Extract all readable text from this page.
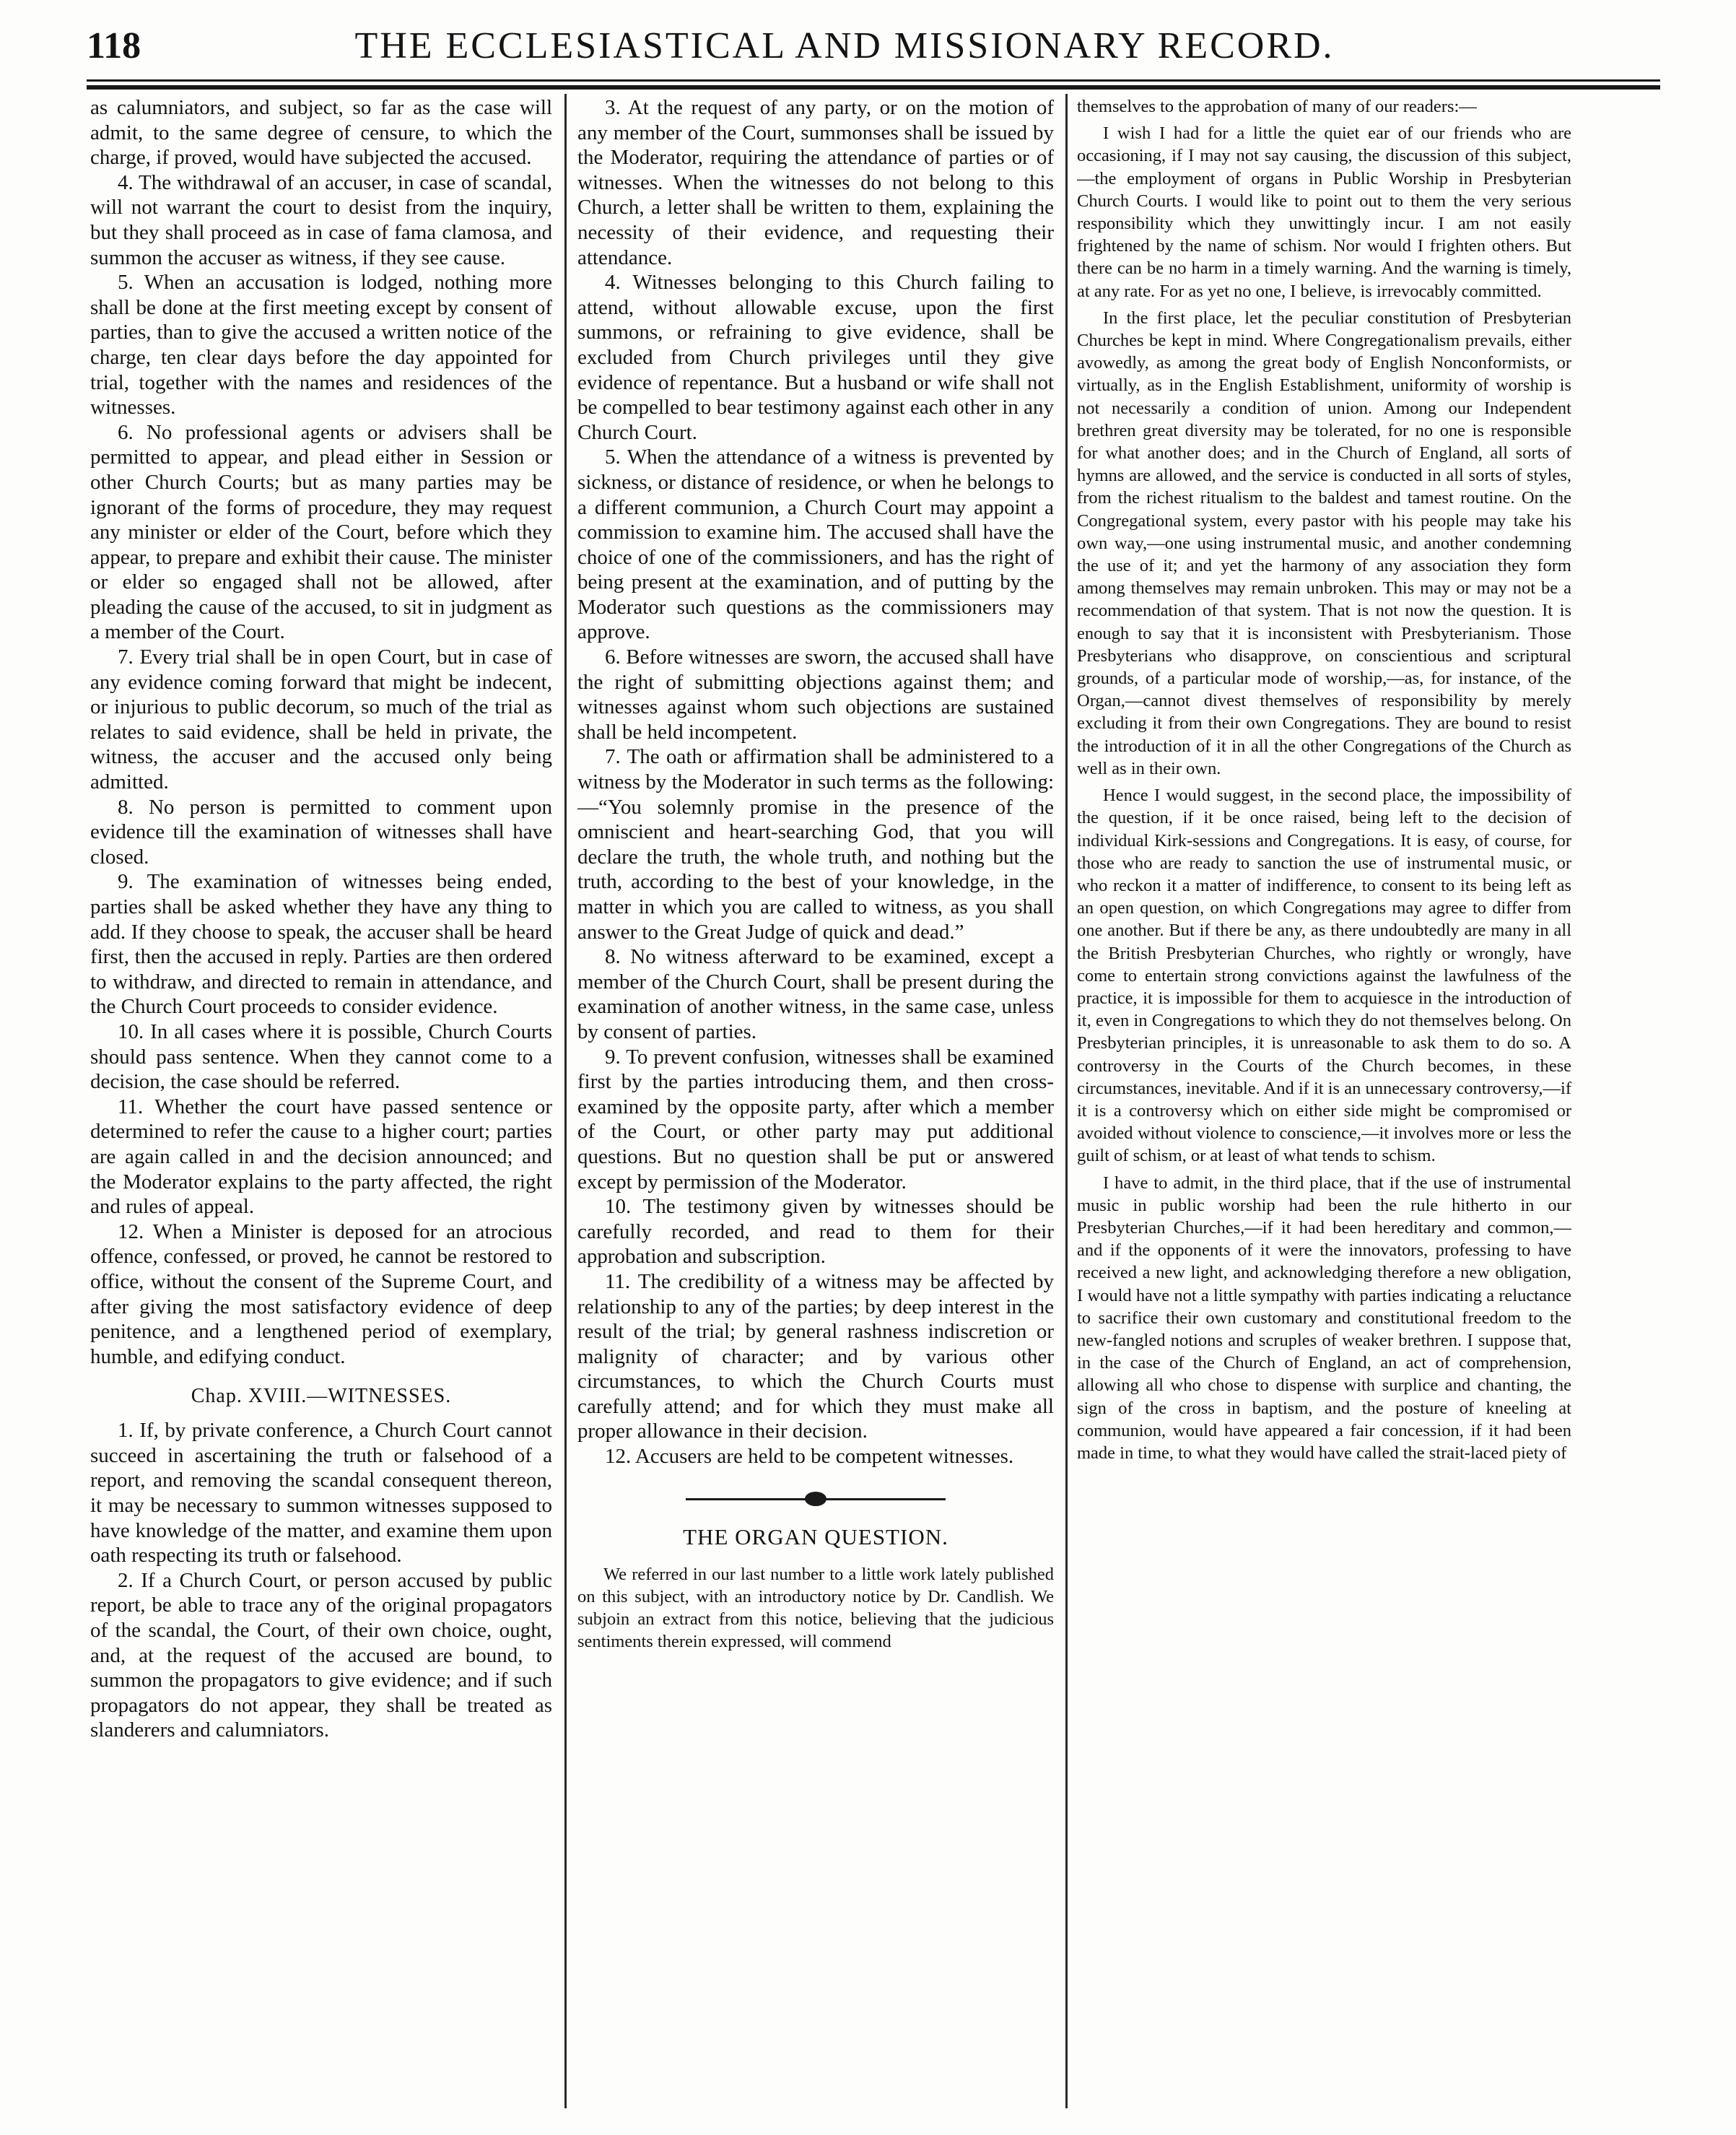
118	THE ECCLESIASTICAL AND MISSIONARY RECORD.

as calumniators, and subject, so far as the case will admit, to the same degree of censure, to which the charge, if proved, would have subjected the accused.

4. The withdrawal of an accuser, in case of scandal, will not warrant the court to desist from the inquiry, but they shall proceed as in case of fama clamosa, and summon the accuser as witness, if they see cause.

5. When an accusation is lodged, nothing more shall be done at the first meeting except by consent of parties, than to give the accused a written notice of the charge, ten clear days before the day appointed for trial, together with the names and residences of the witnesses.

6. No professional agents or advisers shall be permitted to appear, and plead either in Session or other Church Courts; but as many parties may be ignorant of the forms of procedure, they may request any minister or elder of the Court, before which they appear, to prepare and exhibit their cause. The minister or elder so engaged shall not be allowed, after pleading the cause of the accused, to sit in judgment as a member of the Court.

7. Every trial shall be in open Court, but in case of any evidence coming forward that might be indecent, or injurious to public decorum, so much of the trial as relates to said evidence, shall be held in private, the witness, the accuser and the accused only being admitted.

8. No person is permitted to comment upon evidence till the examination of witnesses shall have closed.

9. The examination of witnesses being ended, parties shall be asked whether they have any thing to add. If they choose to speak, the accuser shall be heard first, then the accused in reply. Parties are then ordered to withdraw, and directed to remain in attendance, and the Church Court proceeds to consider evidence.

10. In all cases where it is possible, Church Courts should pass sentence. When they cannot come to a decision, the case should be referred.

11. Whether the court have passed sentence or determined to refer the cause to a higher court; parties are again called in and the decision announced; and the Moderator explains to the party affected, the right and rules of appeal.

12. When a Minister is deposed for an atrocious offence, confessed, or proved, he cannot be restored to office, without the consent of the Supreme Court, and after giving the most satisfactory evidence of deep penitence, and a lengthened period of exemplary, humble, and edifying conduct.

Chap. XVIII.—WITNESSES.

1. If, by private conference, a Church Court cannot succeed in ascertaining the truth or falsehood of a report, and removing the scandal consequent thereon, it may be necessary to summon witnesses supposed to have knowledge of the matter, and examine them upon oath respecting its truth or falsehood.

2. If a Church Court, or person accused by public report, be able to trace any of the original propagators of the scandal, the Court, of their own choice, ought, and, at the request of the accused are bound, to summon the propagators to give evidence; and if such propagators do not appear, they shall be treated as slanderers and calumniators.

3. At the request of any party, or on the motion of any member of the Court, summonses shall be issued by the Moderator, requiring the attendance of parties or of witnesses. When the witnesses do not belong to this Church, a letter shall be written to them, explaining the necessity of their evidence, and requesting their attendance.

4. Witnesses belonging to this Church failing to attend, without allowable excuse, upon the first summons, or refraining to give evidence, shall be excluded from Church privileges until they give evidence of repentance. But a husband or wife shall not be compelled to bear testimony against each other in any Church Court.

5. When the attendance of a witness is prevented by sickness, or distance of residence, or when he belongs to a different communion, a Church Court may appoint a commission to examine him. The accused shall have the choice of one of the commissioners, and has the right of being present at the examination, and of putting by the Moderator such questions as the commissioners may approve.

6. Before witnesses are sworn, the accused shall have the right of submitting objections against them; and witnesses against whom such objections are sustained shall be held incompetent.

7. The oath or affirmation shall be administered to a witness by the Moderator in such terms as the following:—“You solemnly promise in the presence of the omniscient and heart-searching God, that you will declare the truth, the whole truth, and nothing but the truth, according to the best of your knowledge, in the matter in which you are called to witness, as you shall answer to the Great Judge of quick and dead.”

8. No witness afterward to be examined, except a member of the Church Court, shall be present during the examination of another witness, in the same case, unless by consent of parties.

9. To prevent confusion, witnesses shall be examined first by the parties introducing them, and then cross-examined by the opposite party, after which a member of the Court, or other party may put additional questions. But no question shall be put or answered except by permission of the Moderator.

10. The testimony given by witnesses should be carefully recorded, and read to them for their approbation and subscription.

11. The credibility of a witness may be affected by relationship to any of the parties; by deep interest in the result of the trial; by general rashness indiscretion or malignity of character; and by various other circumstances, to which the Church Courts must carefully attend; and for which they must make all proper allowance in their decision.

12. Accusers are held to be competent witnesses.

THE ORGAN QUESTION.

We referred in our last number to a little work lately published on this subject, with an introductory notice by Dr. Candlish. We subjoin an extract from this notice, believing that the judicious sentiments therein expressed, will commend

themselves to the approbation of many of our readers:—

I wish I had for a little the quiet ear of our friends who are occasioning, if I may not say causing, the discussion of this subject,—the employment of organs in Public Worship in Presbyterian Church Courts. I would like to point out to them the very serious responsibility which they unwittingly incur. I am not easily frightened by the name of schism. Nor would I frighten others. But there can be no harm in a timely warning. And the warning is timely, at any rate. For as yet no one, I believe, is irrevocably committed.

In the first place, let the peculiar constitution of Presbyterian Churches be kept in mind. Where Congregationalism prevails, either avowedly, as among the great body of English Nonconformists, or virtually, as in the English Establishment, uniformity of worship is not necessarily a condition of union. Among our Independent brethren great diversity may be tolerated, for no one is responsible for what another does; and in the Church of England, all sorts of hymns are allowed, and the service is conducted in all sorts of styles, from the richest ritualism to the baldest and tamest routine. On the Congregational system, every pastor with his people may take his own way,—one using instrumental music, and another condemning the use of it; and yet the harmony of any association they form among themselves may remain unbroken. This may or may not be a recommendation of that system. That is not now the question. It is enough to say that it is inconsistent with Presbyterianism. Those Presbyterians who disapprove, on conscientious and scriptural grounds, of a particular mode of worship,—as, for instance, of the Organ,—cannot divest themselves of responsibility by merely excluding it from their own Congregations. They are bound to resist the introduction of it in all the other Congregations of the Church as well as in their own.

Hence I would suggest, in the second place, the impossibility of the question, if it be once raised, being left to the decision of individual Kirk-sessions and Congregations. It is easy, of course, for those who are ready to sanction the use of instrumental music, or who reckon it a matter of indifference, to consent to its being left as an open question, on which Congregations may agree to differ from one another. But if there be any, as there undoubtedly are many in all the British Presbyterian Churches, who rightly or wrongly, have come to entertain strong convictions against the lawfulness of the practice, it is impossible for them to acquiesce in the introduction of it, even in Congregations to which they do not themselves belong. On Presbyterian principles, it is unreasonable to ask them to do so. A controversy in the Courts of the Church becomes, in these circumstances, inevitable. And if it is an unnecessary controversy,—if it is a controversy which on either side might be compromised or avoided without violence to conscience,—it involves more or less the guilt of schism, or at least of what tends to schism.

I have to admit, in the third place, that if the use of instrumental music in public worship had been the rule hitherto in our Presbyterian Churches,—if it had been hereditary and common,—and if the opponents of it were the innovators, professing to have received a new light, and acknowledging therefore a new obligation, I would have not a little sympathy with parties indicating a reluctance to sacrifice their own customary and constitutional freedom to the new-fangled notions and scruples of weaker brethren. I suppose that, in the case of the Church of England, an act of comprehension, allowing all who chose to dispense with surplice and chanting, the sign of the cross in baptism, and the posture of kneeling at communion, would have appeared a fair concession, if it had been made in time, to what they would have called the strait-laced piety of
